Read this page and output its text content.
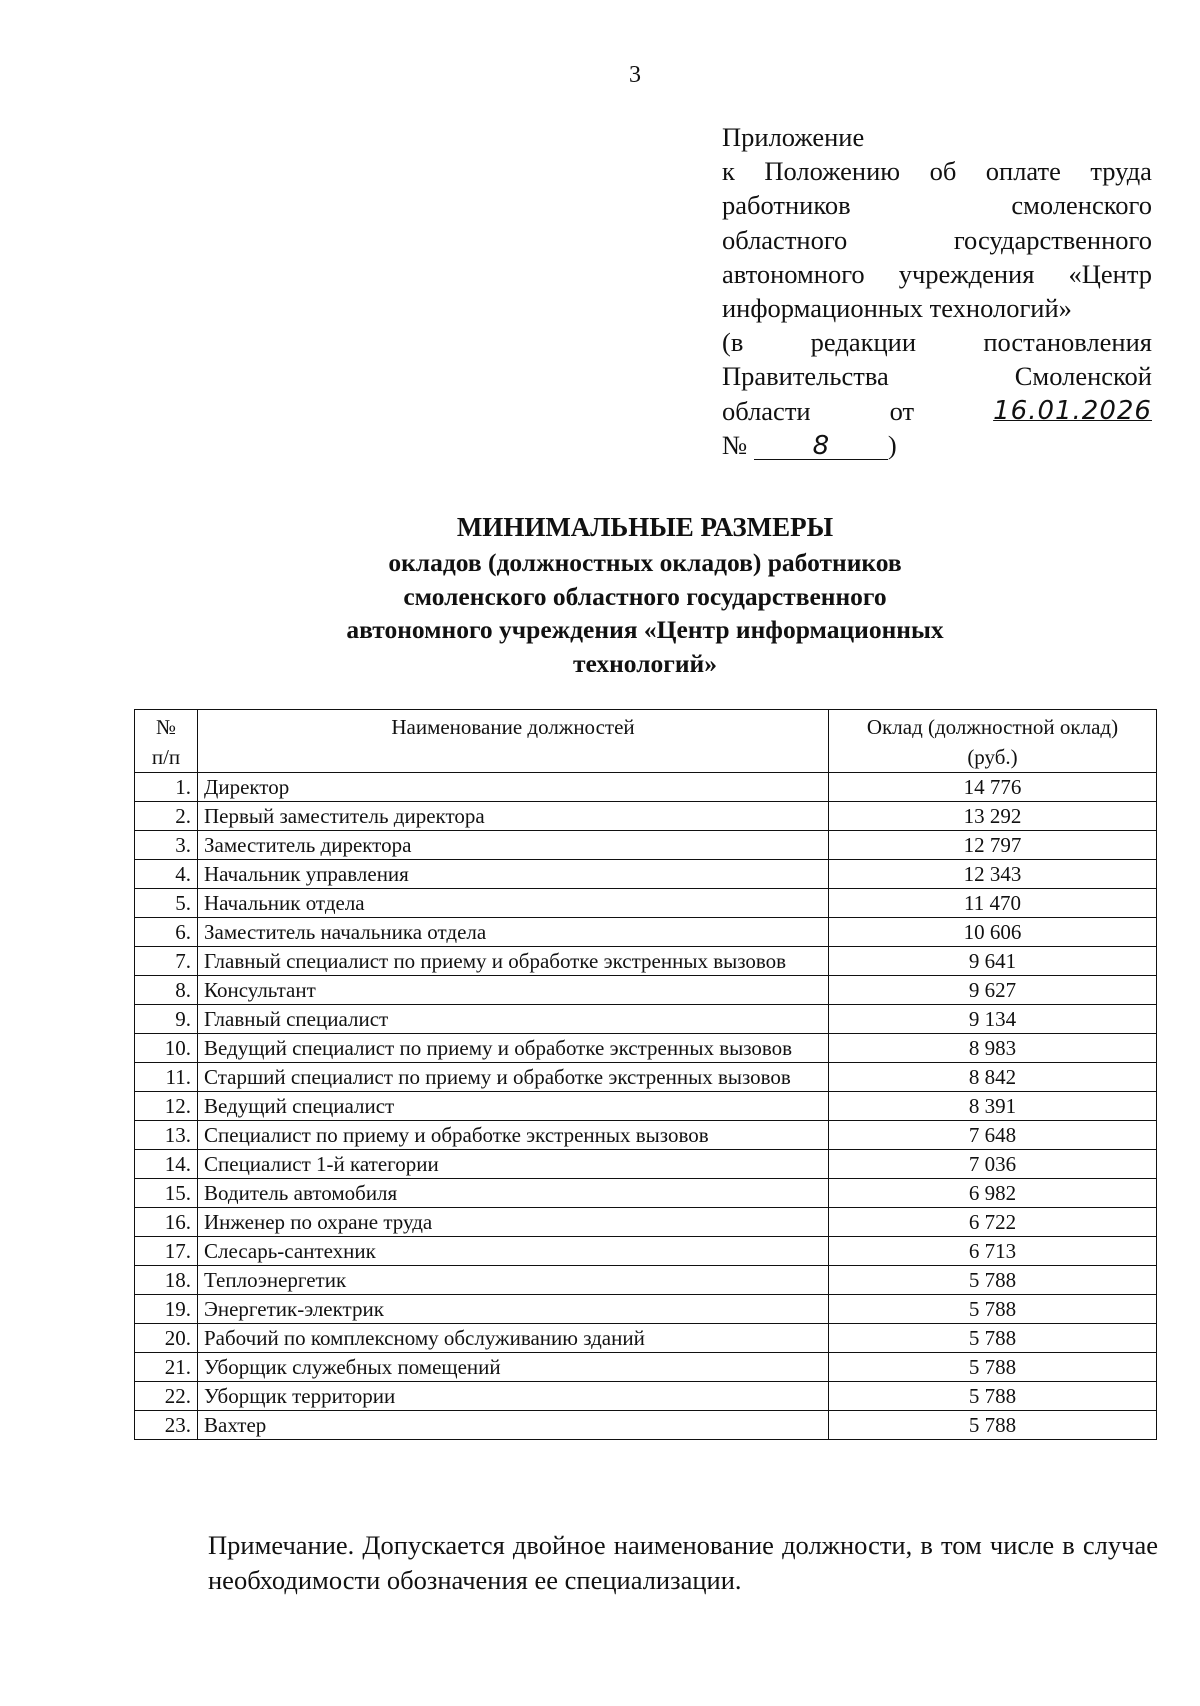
3
Приложение
к Положению об оплате труда
работников	смоленского
областного	государственного
автономного учреждения «Центр
информационных технологий»
(в	редакции	постановления
Правительства	Смоленской
области	от	16.01.2026
№	8 )
МИНИМАЛЬНЫЕ РАЗМЕРЫ
окладов (должностных окладов) работников
смоленского областного государственного
автономного учреждения «Центр информационных
технологий»
№
п/п	Наименование должностей	Оклад (должностной оклад)
(руб.)
1.	Директор	14 776
2.	Первый заместитель директора	13 292
3.	Заместитель директора	12 797
4.	Начальник управления	12 343
5.	Начальник отдела	11 470
6.	Заместитель начальника отдела	10 606
7.	Главный специалист по приему и обработке экстренных вызовов	9 641
8.	Консультант	9 627
9.	Главный специалист	9 134
10.	Ведущий специалист по приему и обработке экстренных вызовов	8 983
11.	Старший специалист по приему и обработке экстренных вызовов	8 842
12.	Ведущий специалист	8 391
13.	Специалист по приему и обработке экстренных вызовов	7 648
14.	Специалист 1-й категории	7 036
15.	Водитель автомобиля	6 982
16.	Инженер по охране труда	6 722
17.	Слесарь-сантехник	6 713
18.	Теплоэнергетик	5 788
19.	Энергетик-электрик	5 788
20.	Рабочий по комплексному обслуживанию зданий	5 788
21.	Уборщик служебных помещений	5 788
22.	Уборщик территории	5 788
23.	Вахтер	5 788
Примечание. Допускается двойное наименование должности, в том числе в случае необходимости обозначения ее специализации.
